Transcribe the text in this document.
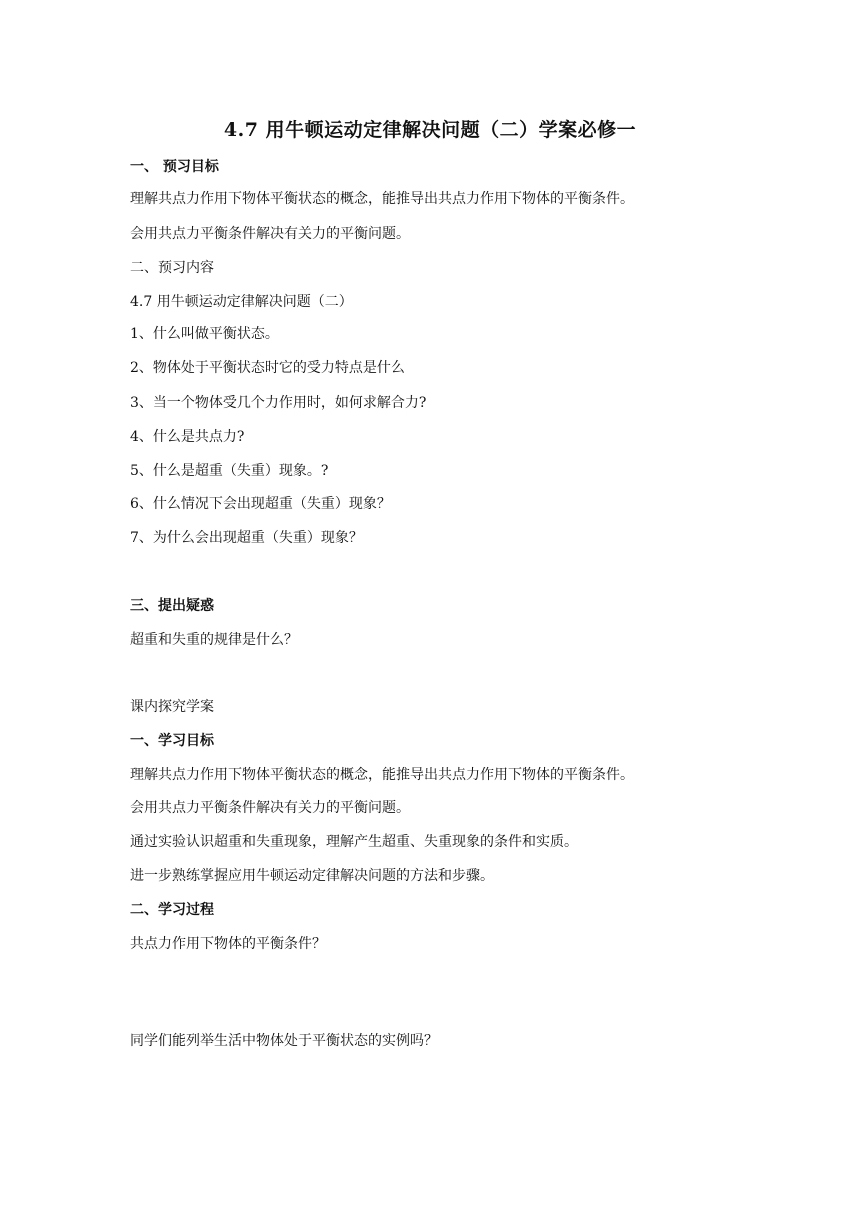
4.7 用牛顿运动定律解决问题（二）学案必修一
一、 预习目标
理解共点力作用下物体平衡状态的概念，能推导出共点力作用下物体的平衡条件。
会用共点力平衡条件解决有关力的平衡问题。
二、预习内容
4.7 用牛顿运动定律解决问题（二）
1、什么叫做平衡状态。
2、物体处于平衡状态时它的受力特点是什么
3、当一个物体受几个力作用时，如何求解合力?
4、什么是共点力?
5、什么是超重（失重）现象。?
6、什么情况下会出现超重（失重）现象？
7、为什么会出现超重（失重）现象？
三、提出疑惑
超重和失重的规律是什么？
课内探究学案
一、学习目标
理解共点力作用下物体平衡状态的概念，能推导出共点力作用下物体的平衡条件。
会用共点力平衡条件解决有关力的平衡问题。
通过实验认识超重和失重现象，理解产生超重、失重现象的条件和实质。
进一步熟练掌握应用牛顿运动定律解决问题的方法和步骤。
二、学习过程
共点力作用下物体的平衡条件？
同学们能列举生活中物体处于平衡状态的实例吗？
